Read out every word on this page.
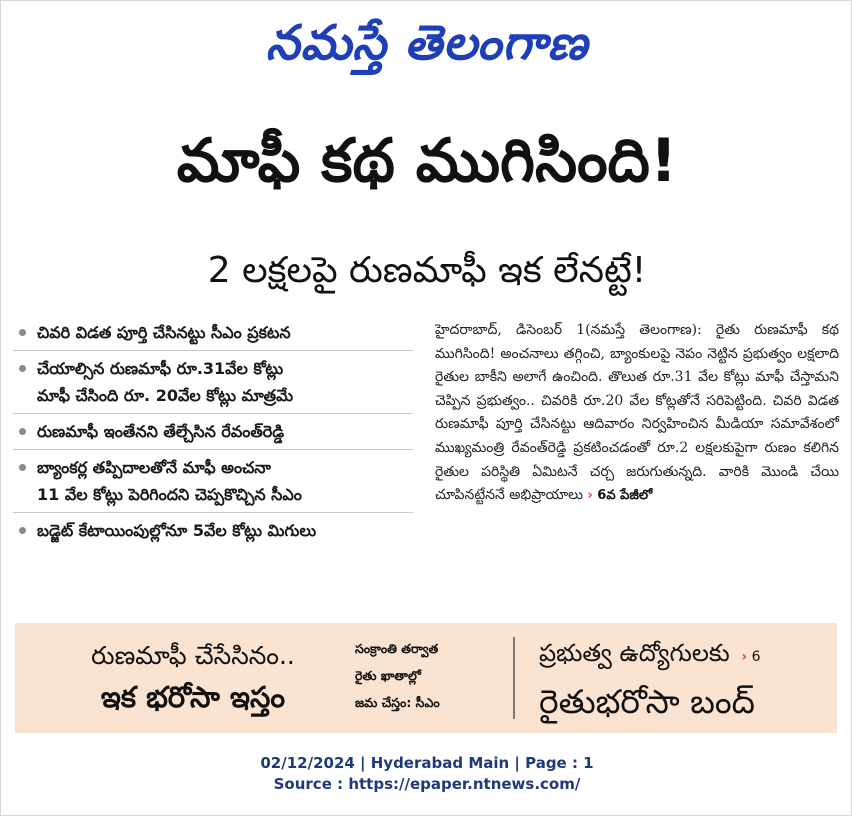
నమస్తే తెలంగాణ
మాఫీ కథ ముగిసింది!
2 లక్షలపై రుణమాఫీ ఇక లేనట్టే!
చివరి విడత పూర్తి చేసినట్టు సీఎం ప్రకటన
చేయాల్సిన రుణమాఫీ రూ.31వేల కోట్లు
మాఫీ చేసింది రూ. 20వేల కోట్లు మాత్రమే
రుణమాఫీ ఇంతేనని తేల్చేసిన రేవంత్‌రెడ్డి
బ్యాంకర్ల తప్పిదాలతోనే మాఫీ అంచనా
11 వేల కోట్లు పెరిగిందని చెప్పకొచ్చిన సీఎం
బడ్జెట్ కేటాయింపుల్లోనూ 5వేల కోట్లు మిగులు
హైదరాబాద్, డిసెంబర్ 1(నమస్తే తెలంగాణ): రైతు రుణమాఫీ కథ ముగిసింది! అంచనాలు తగ్గించి, బ్యాంకులపై నెపం నెట్టిన ప్రభుత్వం లక్షలాది రైతుల బాకీని అలాగే ఉంచింది. తొలుత రూ.31 వేల కోట్లు మాఫీ చేస్తామని చెప్పిన ప్రభుత్వం.. చివరికి రూ.20 వేల కోట్లతోనే సరిపెట్టింది. చివరి విడత రుణమాఫీ పూర్తి చేసినట్టు ఆదివారం నిర్వహించిన మీడియా సమావేశంలో ముఖ్యమంత్రి రేవంత్‌రెడ్డి ప్రకటించడంతో రూ.2 లక్షలకుపైగా రుణం కలిగిన రైతుల పరిస్థితి ఏమిటనే చర్చ జరుగుతున్నది. వారికి మొండి చేయి చూపినట్టేననే అభిప్రాయాలు › 6వ పేజీలో
రుణమాఫీ చేసేసినం..
ఇక భరోసా ఇస్తం
సంక్రాంతి తర్వాత
రైతు ఖాతాల్లో
జమ చేస్తం: సీఎం
ప్రభుత్వ ఉద్యోగులకు › 6
రైతుభరోసా బంద్
02/12/2024 | Hyderabad Main | Page : 1
Source : https://epaper.ntnews.com/
